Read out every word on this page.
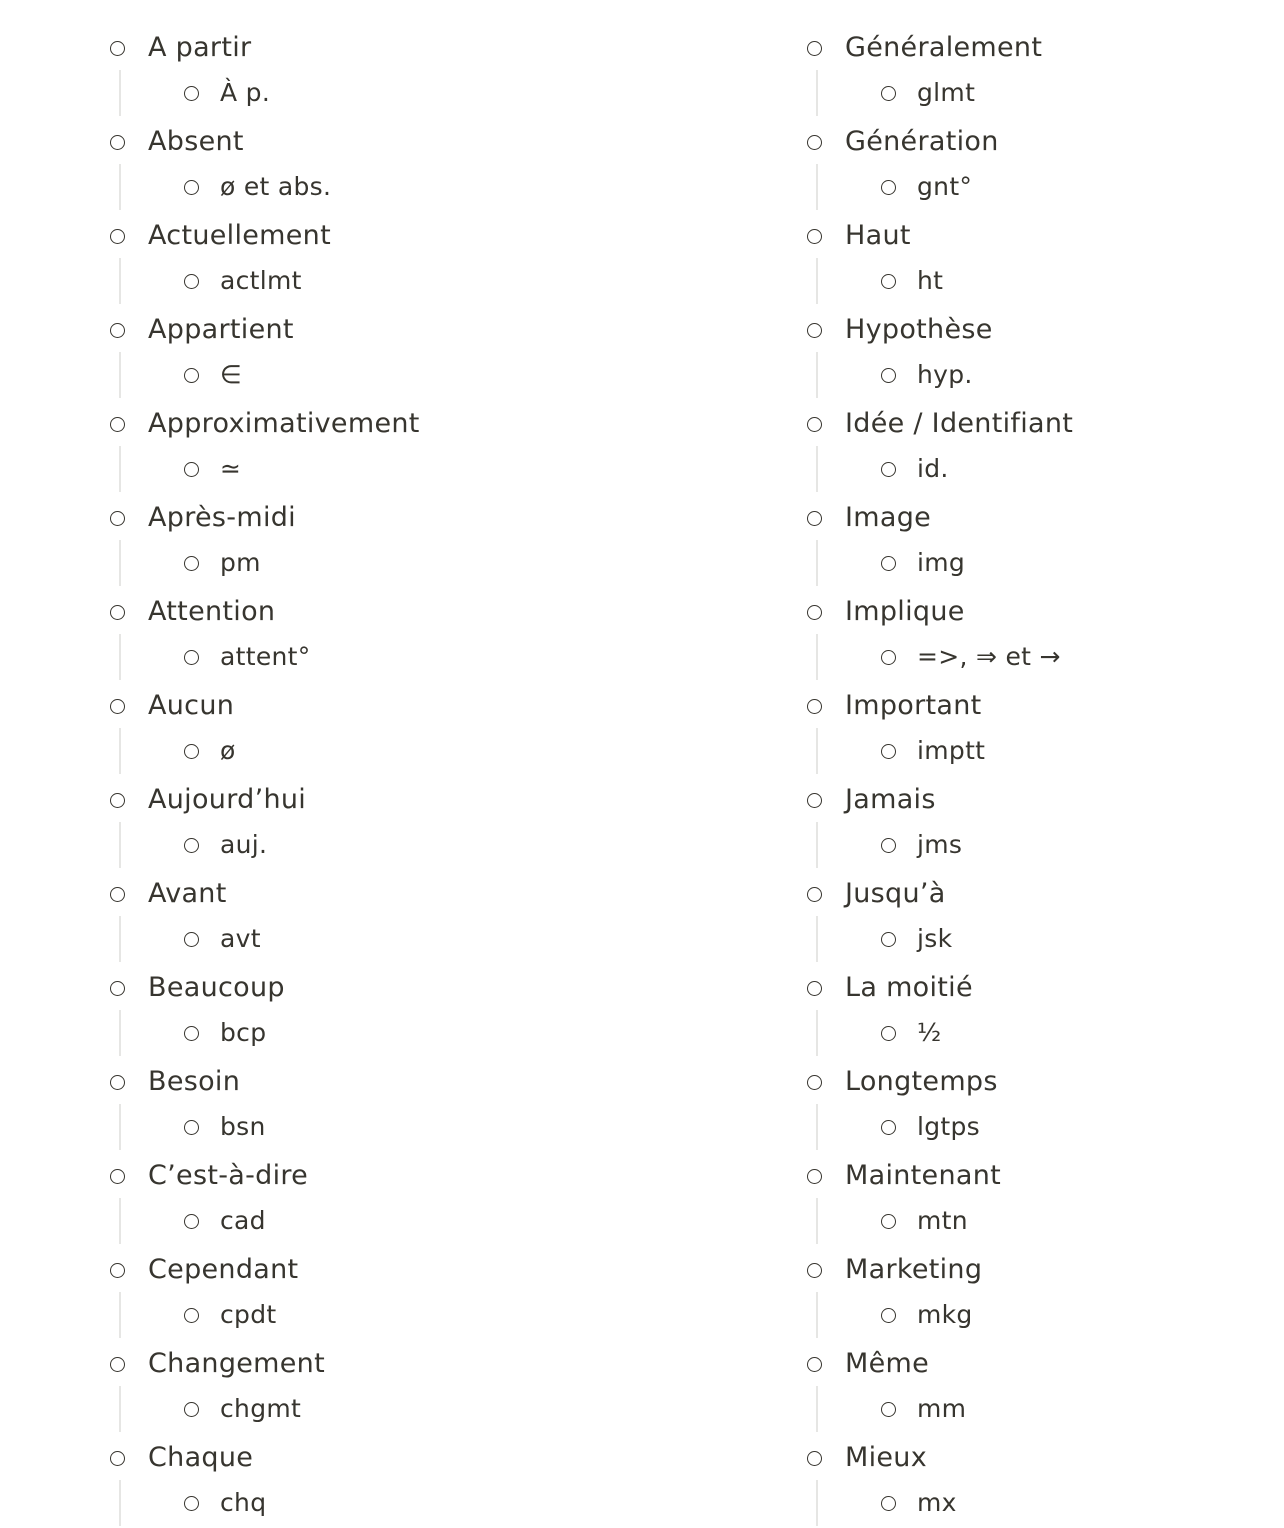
A partir
À p.
Absent
ø et abs.
Actuellement
actlmt
Appartient
∈
Approximativement
≃
Après-midi
pm
Attention
attent°
Aucun
ø
Aujourd’hui
auj.
Avant
avt
Beaucoup
bcp
Besoin
bsn
C’est-à-dire
cad
Cependant
cpdt
Changement
chgmt
Chaque
chq
Généralement
glmt
Génération
gnt°
Haut
ht
Hypothèse
hyp.
Idée / Identifiant
id.
Image
img
Implique
=>, ⇒ et →
Important
imptt
Jamais
jms
Jusqu’à
jsk
La moitié
½
Longtemps
lgtps
Maintenant
mtn
Marketing
mkg
Même
mm
Mieux
mx
